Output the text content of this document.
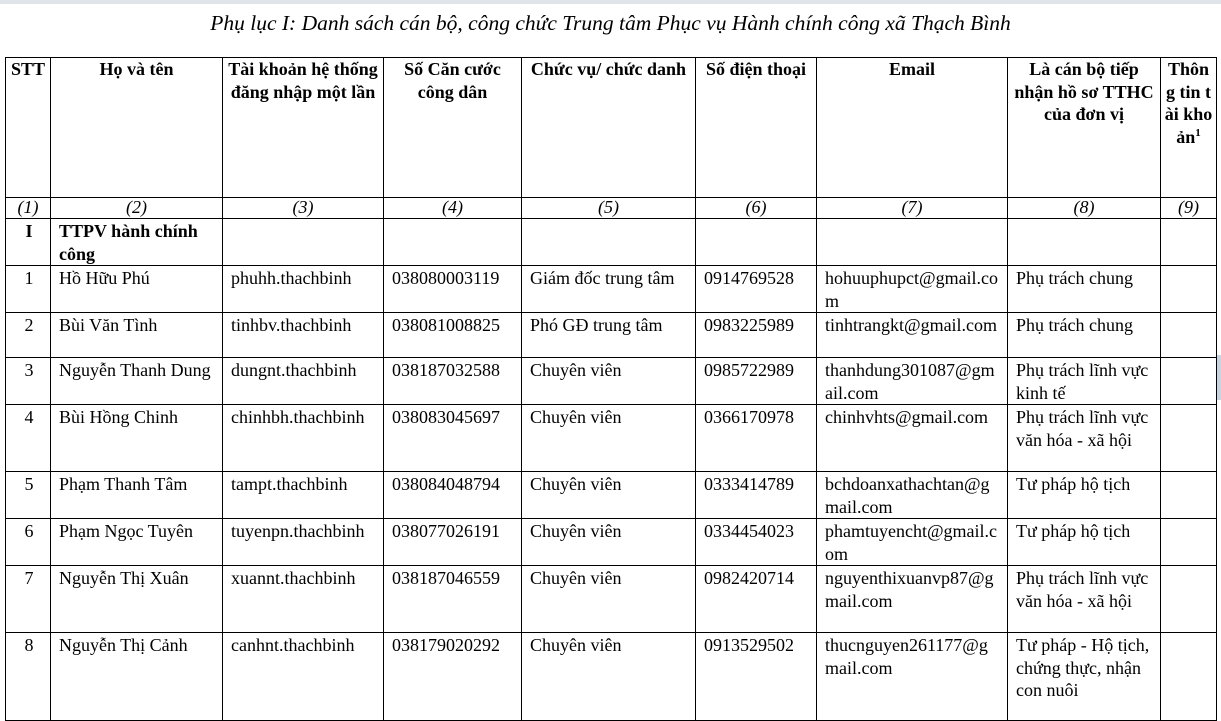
Phụ lục I: Danh sách cán bộ, công chức Trung tâm Phục vụ Hành chính công xã Thạch Bình
STT	Họ và tên	Tài khoản hệ thống đăng nhập một lần	Số Căn cước công dân	Chức vụ/ chức danh	Số điện thoại	Email	Là cán bộ tiếp nhận hồ sơ TTHC của đơn vị	Thông tin tài khoản$^1$
(1)	(2)	(3)	(4)	(5)	(6)	(7)	(8)	(9)
I	TTPV hành chính công							
1	Hồ Hữu Phú	phuhh.thachbinh	038080003119	Giám đốc trung tâm	0914769528	hohuuphupct@gmail.com	Phụ trách chung	
2	Bùi Văn Tình	tinhbv.thachbinh	038081008825	Phó GĐ trung tâm	0983225989	tinhtrangkt@gmail.com	Phụ trách chung	
3	Nguyễn Thanh Dung	dungnt.thachbinh	038187032588	Chuyên viên	0985722989	thanhdung301087@gmail.com	Phụ trách lĩnh vực kinh tế	
4	Bùi Hồng Chinh	chinhbh.thachbinh	038083045697	Chuyên viên	0366170978	chinhvhts@gmail.com	Phụ trách lĩnh vực văn hóa - xã hội	
5	Phạm Thanh Tâm	tampt.thachbinh	038084048794	Chuyên viên	0333414789	bchdoanxathachtan@gmail.com	Tư pháp hộ tịch	
6	Phạm Ngọc Tuyên	tuyenpn.thachbinh	038077026191	Chuyên viên	0334454023	phamtuyencht@gmail.com	Tư pháp hộ tịch	
7	Nguyễn Thị Xuân	xuannt.thachbinh	038187046559	Chuyên viên	0982420714	nguyenthixuanvp87@gmail.com	Phụ trách lĩnh vực văn hóa - xã hội	
8	Nguyễn Thị Cảnh	canhnt.thachbinh	038179020292	Chuyên viên	0913529502	thucnguyen261177@gmail.com	Tư pháp - Hộ tịch, chứng thực, nhận con nuôi	
